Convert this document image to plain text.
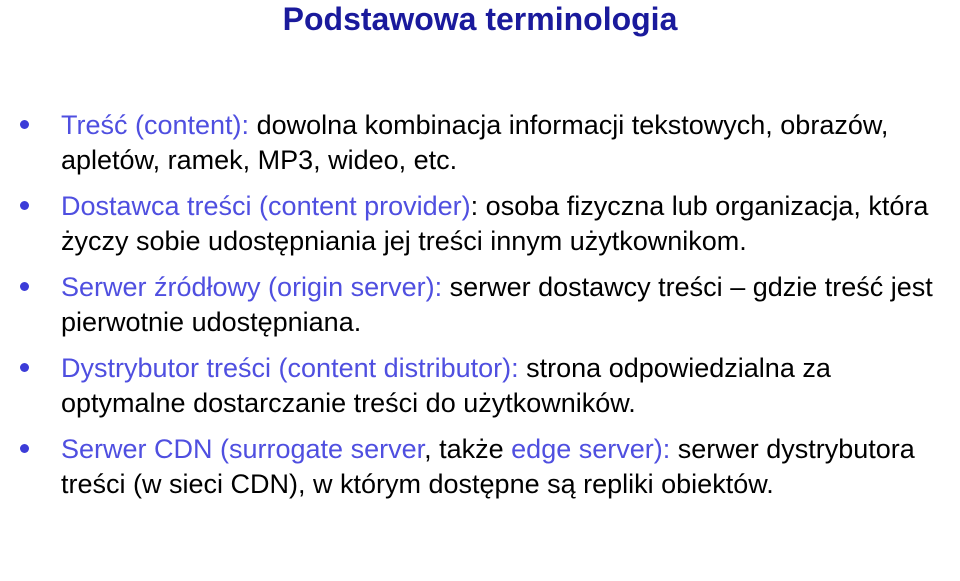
Podstawowa terminologia
Treść (content): dowolna kombinacja informacji tekstowych, obrazów, apletów, ramek, MP3, wideo, etc.
Dostawca treści (content provider): osoba fizyczna lub organizacja, która życzy sobie udostępniania jej treści innym użytkownikom.
Serwer źródłowy (origin server): serwer dostawcy treści – gdzie treść jest pierwotnie udostępniana.
Dystrybutor treści (content distributor): strona odpowiedzialna za optymalne dostarczanie treści do użytkowników.
Serwer CDN (surrogate server, także edge server): serwer dystrybutora treści (w sieci CDN), w którym dostępne są repliki obiektów.
